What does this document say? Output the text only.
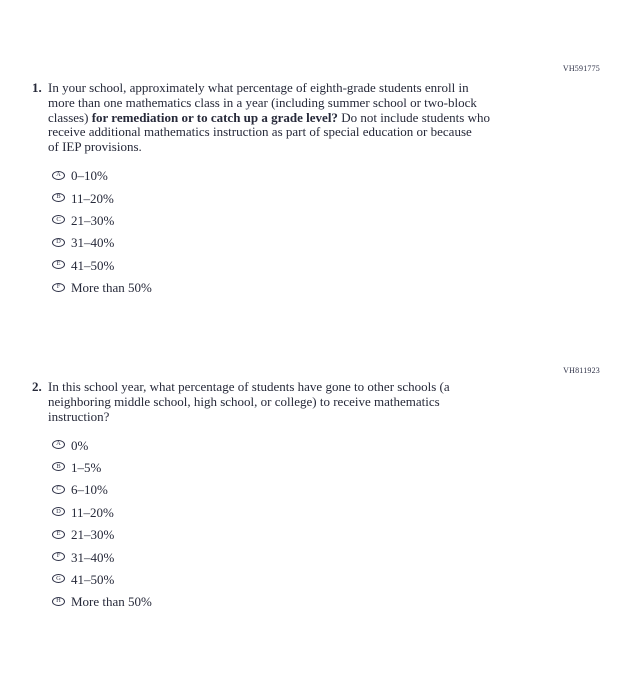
VH591775
1. In your school, approximately what percentage of eighth-grade students enroll in
more than one mathematics class in a year (including summer school or two-block
classes) for remediation or to catch up a grade level? Do not include students who
receive additional mathematics instruction as part of special education or because
of IEP provisions.
A 0–10%
B 11–20%
C 21–30%
D 31–40%
E 41–50%
F More than 50%
VH811923
2. In this school year, what percentage of students have gone to other schools (a
neighboring middle school, high school, or college) to receive mathematics
instruction?
A 0%
B 1–5%
C 6–10%
D 11–20%
E 21–30%
F 31–40%
G 41–50%
H More than 50%
